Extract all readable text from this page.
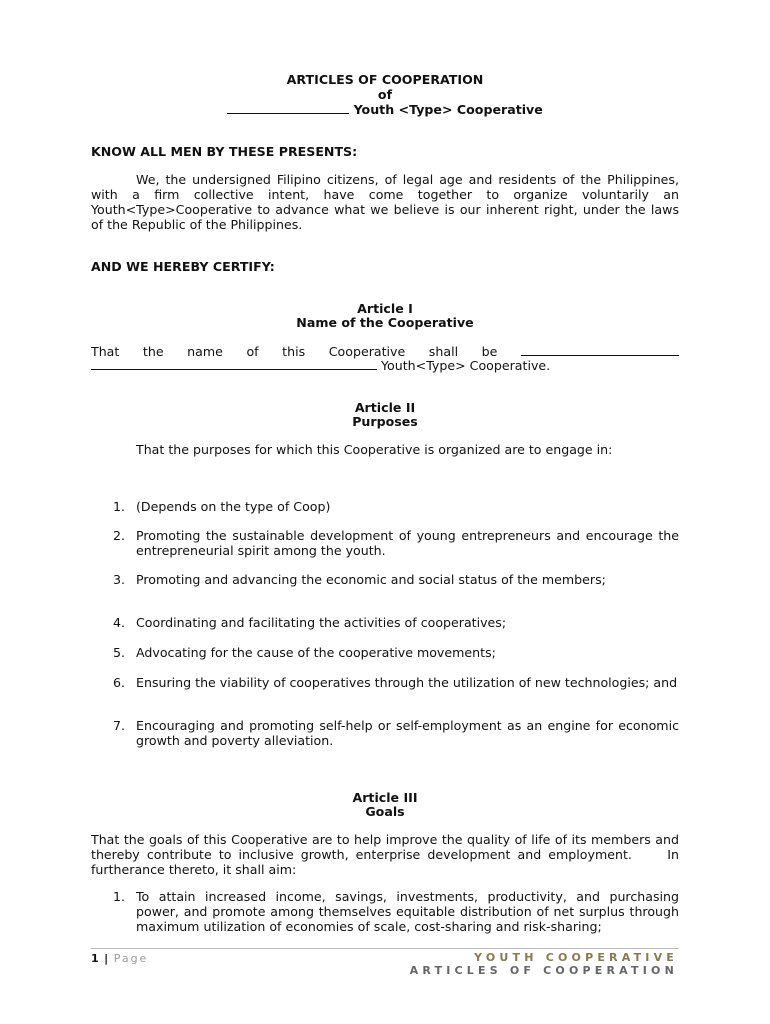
ARTICLES OF COOPERATION
of
Youth <Type> Cooperative
KNOW ALL MEN BY THESE PRESENTS:
We, the undersigned Filipino citizens, of legal age and residents of the Philippines, with a firm collective intent, have come together to organize voluntarily an Youth<Type>Cooperative to advance what we believe is our inherent right, under the laws of the Republic of the Philippines.
AND WE HEREBY CERTIFY:
Article I
Name of the Cooperative
That the name of this Cooperative shall be
Youth<Type> Cooperative.
Article II
Purposes
That the purposes for which this Cooperative is organized are to engage in:
1. (Depends on the type of Coop)
2. Promoting the sustainable development of young entrepreneurs and encourage the entrepreneurial spirit among the youth.
3. Promoting and advancing the economic and social status of the members;
4. Coordinating and facilitating the activities of cooperatives;
5. Advocating for the cause of the cooperative movements;
6. Ensuring the viability of cooperatives through the utilization of new technologies; and
7. Encouraging and promoting self-help or self-employment as an engine for economic growth and poverty alleviation.
Article III
Goals
That the goals of this Cooperative are to help improve the quality of life of its members and thereby contribute to inclusive growth, enterprise development and employment.     In furtherance thereto, it shall aim:
1. To attain increased income, savings, investments, productivity, and purchasing power, and promote among themselves equitable distribution of net surplus through maximum utilization of economies of scale, cost-sharing and risk-sharing;
1 | Page	YOUTH COOPERATIVE
ARTICLES OF COOPERATION
